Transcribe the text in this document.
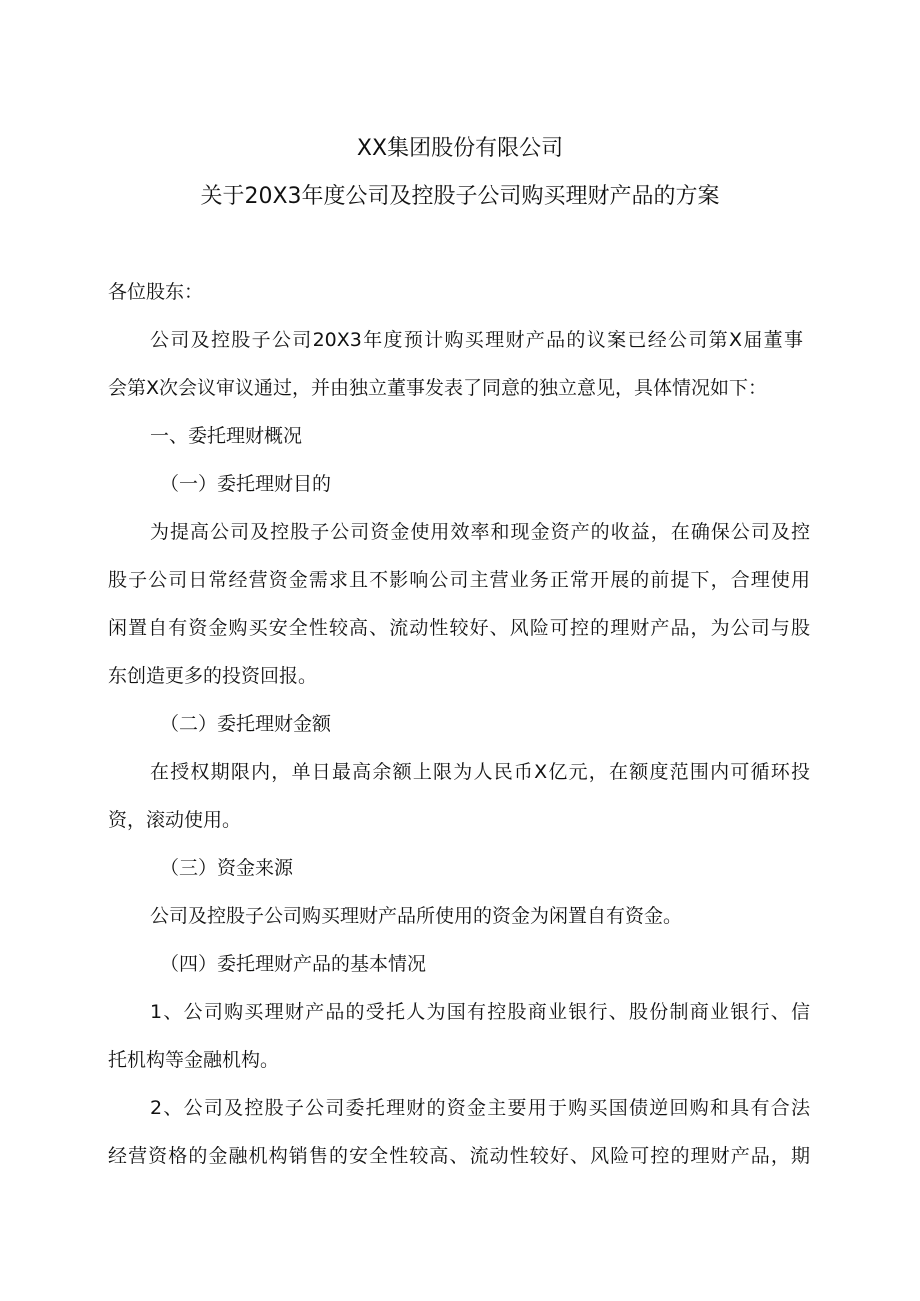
XX集团股份有限公司
关于20X3年度公司及控股子公司购买理财产品的方案

各位股东：

公司及控股子公司20X3年度预计购买理财产品的议案已经公司第X届董事

会第X次会议审议通过，并由独立董事发表了同意的独立意见，具体情况如下：

一、委托理财概况

（一）委托理财目的

为提高公司及控股子公司资金使用效率和现金资产的收益，在确保公司及控

股子公司日常经营资金需求且不影响公司主营业务正常开展的前提下，合理使用

闲置自有资金购买安全性较高、流动性较好、风险可控的理财产品，为公司与股

东创造更多的投资回报。

（二）委托理财金额

在授权期限内，单日最高余额上限为人民币X亿元，在额度范围内可循环投

资，滚动使用。

（三）资金来源

公司及控股子公司购买理财产品所使用的资金为闲置自有资金。

（四）委托理财产品的基本情况

1、公司购买理财产品的受托人为国有控股商业银行、股份制商业银行、信

托机构等金融机构。

2、公司及控股子公司委托理财的资金主要用于购买国债逆回购和具有合法

经营资格的金融机构销售的安全性较高、流动性较好、风险可控的理财产品，期
